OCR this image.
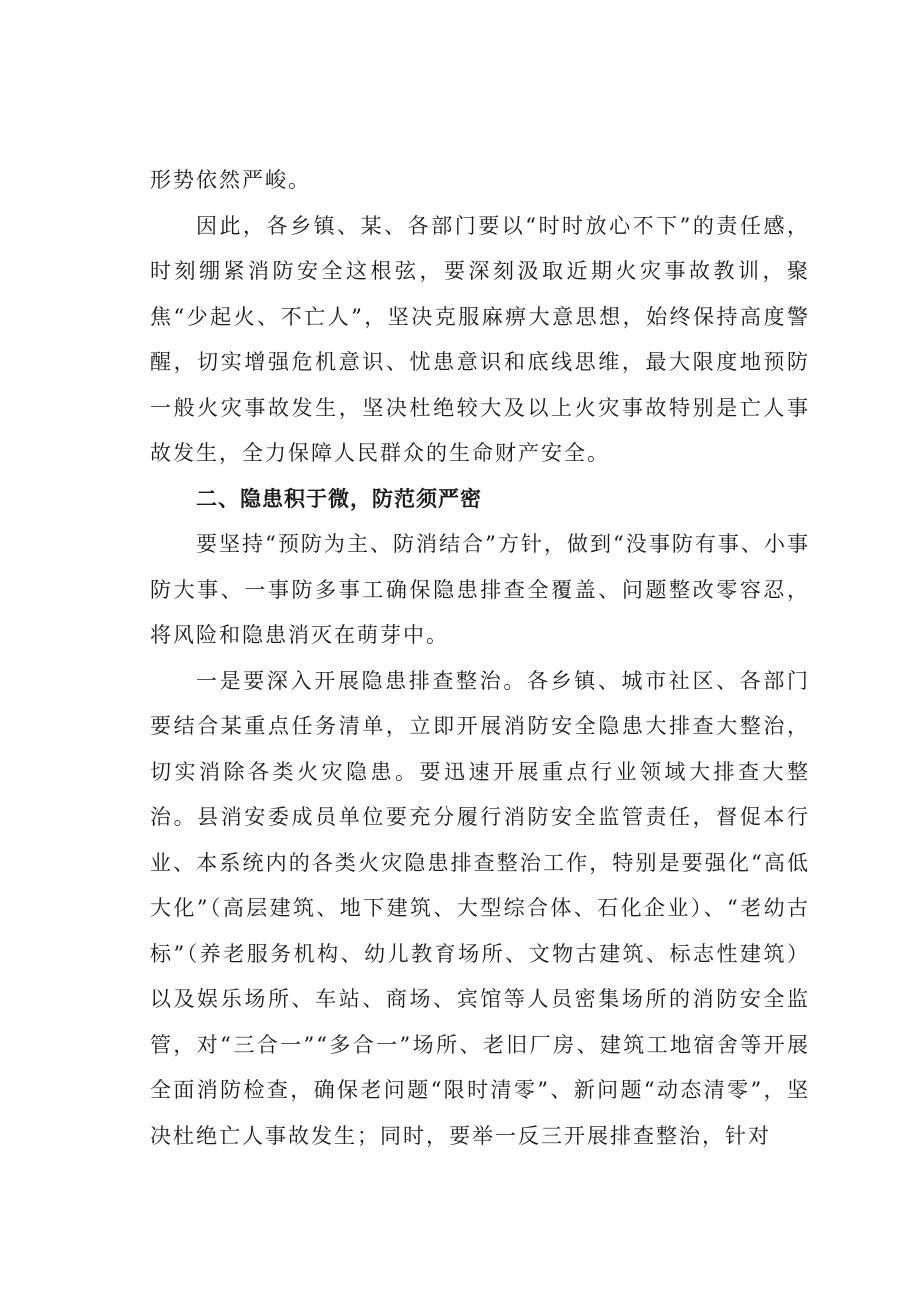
形势依然严峻。

因此，各乡镇、某、各部门要以“时时放心不下”的责任感，时刻绷紧消防安全这根弦，要深刻汲取近期火灾事故教训，聚焦“少起火、不亡人”，坚决克服麻痹大意思想，始终保持高度警醒，切实增强危机意识、忧患意识和底线思维，最大限度地预防一般火灾事故发生，坚决杜绝较大及以上火灾事故特别是亡人事故发生，全力保障人民群众的生命财产安全。

二、隐患积于微，防范须严密

要坚持“预防为主、防消结合”方针，做到“没事防有事、小事防大事、一事防多事工确保隐患排查全覆盖、问题整改零容忍，将风险和隐患消灭在萌芽中。

一是要深入开展隐患排查整治。各乡镇、城市社区、各部门要结合某重点任务清单，立即开展消防安全隐患大排查大整治，切实消除各类火灾隐患。要迅速开展重点行业领域大排查大整治。县消安委成员单位要充分履行消防安全监管责任，督促本行业、本系统内的各类火灾隐患排查整治工作，特别是要强化“高低大化”（高层建筑、地下建筑、大型综合体、石化企业）、“老幼古标”（养老服务机构、幼儿教育场所、文物古建筑、标志性建筑）以及娱乐场所、车站、商场、宾馆等人员密集场所的消防安全监管，对“三合一”“多合一”场所、老旧厂房、建筑工地宿舍等开展全面消防检查，确保老问题“限时清零”、新问题“动态清零”，坚决杜绝亡人事故发生；同时，要举一反三开展排查整治，针对
